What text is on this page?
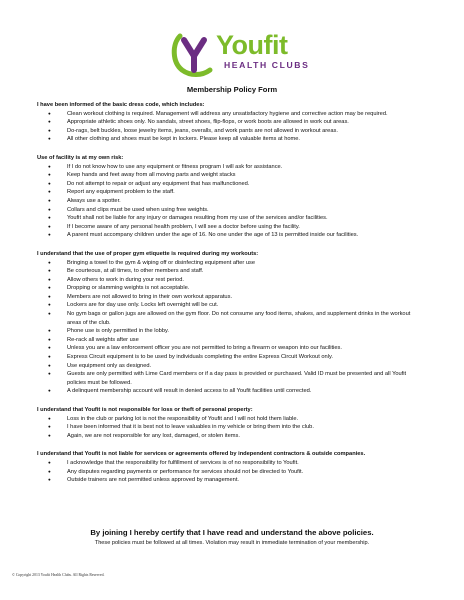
Youfit
HEALTH CLUBS
Membership Policy Form
I have been informed of the basic dress code, which includes:
● Clean workout clothing is required. Management will address any unsatisfactory hygiene and corrective action may be required.
● Appropriate athletic shoes only. No sandals, street shoes, flip-flops, or work boots are allowed in work out areas.
● Do-rags, belt buckles, loose jewelry items, jeans, overalls, and work pants are not allowed in workout areas.
● All other clothing and shoes must be kept in lockers. Please keep all valuable items at home.
Use of facility is at my own risk:
● If I do not know how to use any equipment or fitness program I will ask for assistance.
● Keep hands and feet away from all moving parts and weight stacks
● Do not attempt to repair or adjust any equipment that has malfunctioned.
● Report any equipment problem to the staff.
● Always use a spotter.
● Collars and clips must be used when using free weights.
● Youfit shall not be liable for any injury or damages resulting from my use of the services and/or facilities.
● If I become aware of any personal health problem, I will see a doctor before using the facility.
● A parent must accompany children under the age of 16. No one under the age of 13 is permitted inside our facilities.
I understand that the use of proper gym etiquette is required during my workouts:
● Bringing a towel to the gym & wiping off or disinfecting equipment after use
● Be courteous, at all times, to other members and staff.
● Allow others to work in during your rest period.
● Dropping or slamming weights is not acceptable.
● Members are not allowed to bring in their own workout apparatus.
● Lockers are for day use only. Locks left overnight will be cut.
● No gym bags or gallon jugs are allowed on the gym floor. Do not consume any food items, shakes, and supplement drinks in the workout areas of the club.
● Phone use is only permitted in the lobby.
● Re-rack all weights after use
● Unless you are a law enforcement officer you are not permitted to bring a firearm or weapon into our facilities.
● Express Circuit equipment is to be used by individuals completing the entire Express Circuit Workout only.
● Use equipment only as designed.
● Guests are only permitted with Lime Card members or if a day pass is provided or purchased. Valid ID must be presented and all Youfit policies must be followed.
● A delinquent membership account will result in denied access to all Youfit facilities until corrected.
I understand that Youfit is not responsible for loss or theft of personal property:
● Loss in the club or parking lot is not the responsibility of Youfit and I will not hold them liable.
● I have been informed that it is best not to leave valuables in my vehicle or bring them into the club.
● Again, we are not responsible for any lost, damaged, or stolen items.
I understand that Youfit is not liable for services or agreements offered by independent contractors & outside companies.
● I acknowledge that the responsibility for fulfillment of services is of no responsibility to Youfit.
● Any disputes regarding payments or performance for services should not be directed to Youfit.
● Outside trainers are not permitted unless approved by management.
By joining I hereby certify that I have read and understand the above policies.
These policies must be followed at all times. Violation may result in immediate termination of your membership.
© Copyright 2013 Youfit Health Clubs. All Rights Reserved.
